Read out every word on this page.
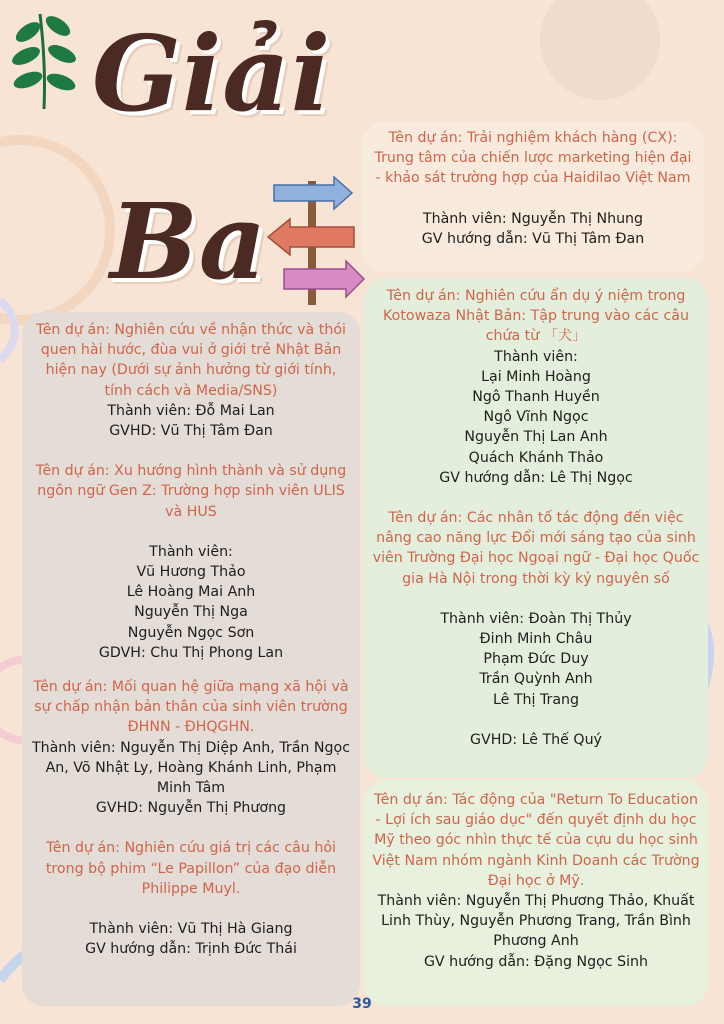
Giải
Ba
Tên dự án: Nghiên cứu về nhận thức và thói quen hài hước, đùa vui ở giới trẻ Nhật Bản hiện nay (Dưới sự ảnh hưởng từ giới tính, tính cách và Media/SNS)
Thành viên: Đỗ Mai Lan
GVHD: Vũ Thị Tâm Đan
Tên dự án: Xu hướng hình thành và sử dụng ngôn ngữ Gen Z: Trường hợp sinh viên ULIS và HUS
Thành viên:
Vũ Hương Thảo
Lê Hoàng Mai Anh
Nguyễn Thị Nga
Nguyễn Ngọc Sơn
GDVH: Chu Thị Phong Lan
Tên dự án: Mối quan hệ giữa mạng xã hội và sự chấp nhận bản thân của sinh viên trường ĐHNN - ĐHQGHN.
Thành viên: Nguyễn Thị Diệp Anh, Trần Ngọc An, Võ Nhật Ly, Hoàng Khánh Linh, Phạm Minh Tâm
GVHD: Nguyễn Thị Phương
Tên dự án: Nghiên cứu giá trị các câu hỏi trong bộ phim “Le Papillon” của đạo diễn Philippe Muyl.
Thành viên: Vũ Thị Hà Giang
GV hướng dẫn: Trịnh Đức Thái
Tên dự án: Trải nghiệm khách hàng (CX): Trung tâm của chiến lược marketing hiện đại - khảo sát trường hợp của Haidilao Việt Nam
Thành viên: Nguyễn Thị Nhung
GV hướng dẫn: Vũ Thị Tâm Đan
Tên dự án: Nghiên cứu ẩn dụ ý niệm trong Kotowaza Nhật Bản: Tập trung vào các câu chứa từ 「犬」
Thành viên:
Lại Minh Hoàng
Ngô Thanh Huyền
Ngô Vĩnh Ngọc
Nguyễn Thị Lan Anh
Quách Khánh Thảo
GV hướng dẫn: Lê Thị Ngọc
Tên dự án: Các nhân tố tác động đến việc nâng cao năng lực Đổi mới sáng tạo của sinh viên Trường Đại học Ngoại ngữ - Đại học Quốc gia Hà Nội trong thời kỳ kỷ nguyên số
Thành viên: Đoàn Thị Thủy
Đinh Minh Châu
Phạm Đức Duy
Trần Quỳnh Anh
Lê Thị Trang
GVHD: Lê Thế Quý
Tên dự án: Tác động của "Return To Education - Lợi ích sau giáo dục" đến quyết định du học Mỹ theo góc nhìn thực tế của cựu du học sinh Việt Nam nhóm ngành Kinh Doanh các Trường Đại học ở Mỹ.
Thành viên: Nguyễn Thị Phương Thảo, Khuất Linh Thùy, Nguyễn Phương Trang, Trần Bình Phương Anh
GV hướng dẫn: Đặng Ngọc Sinh
39
